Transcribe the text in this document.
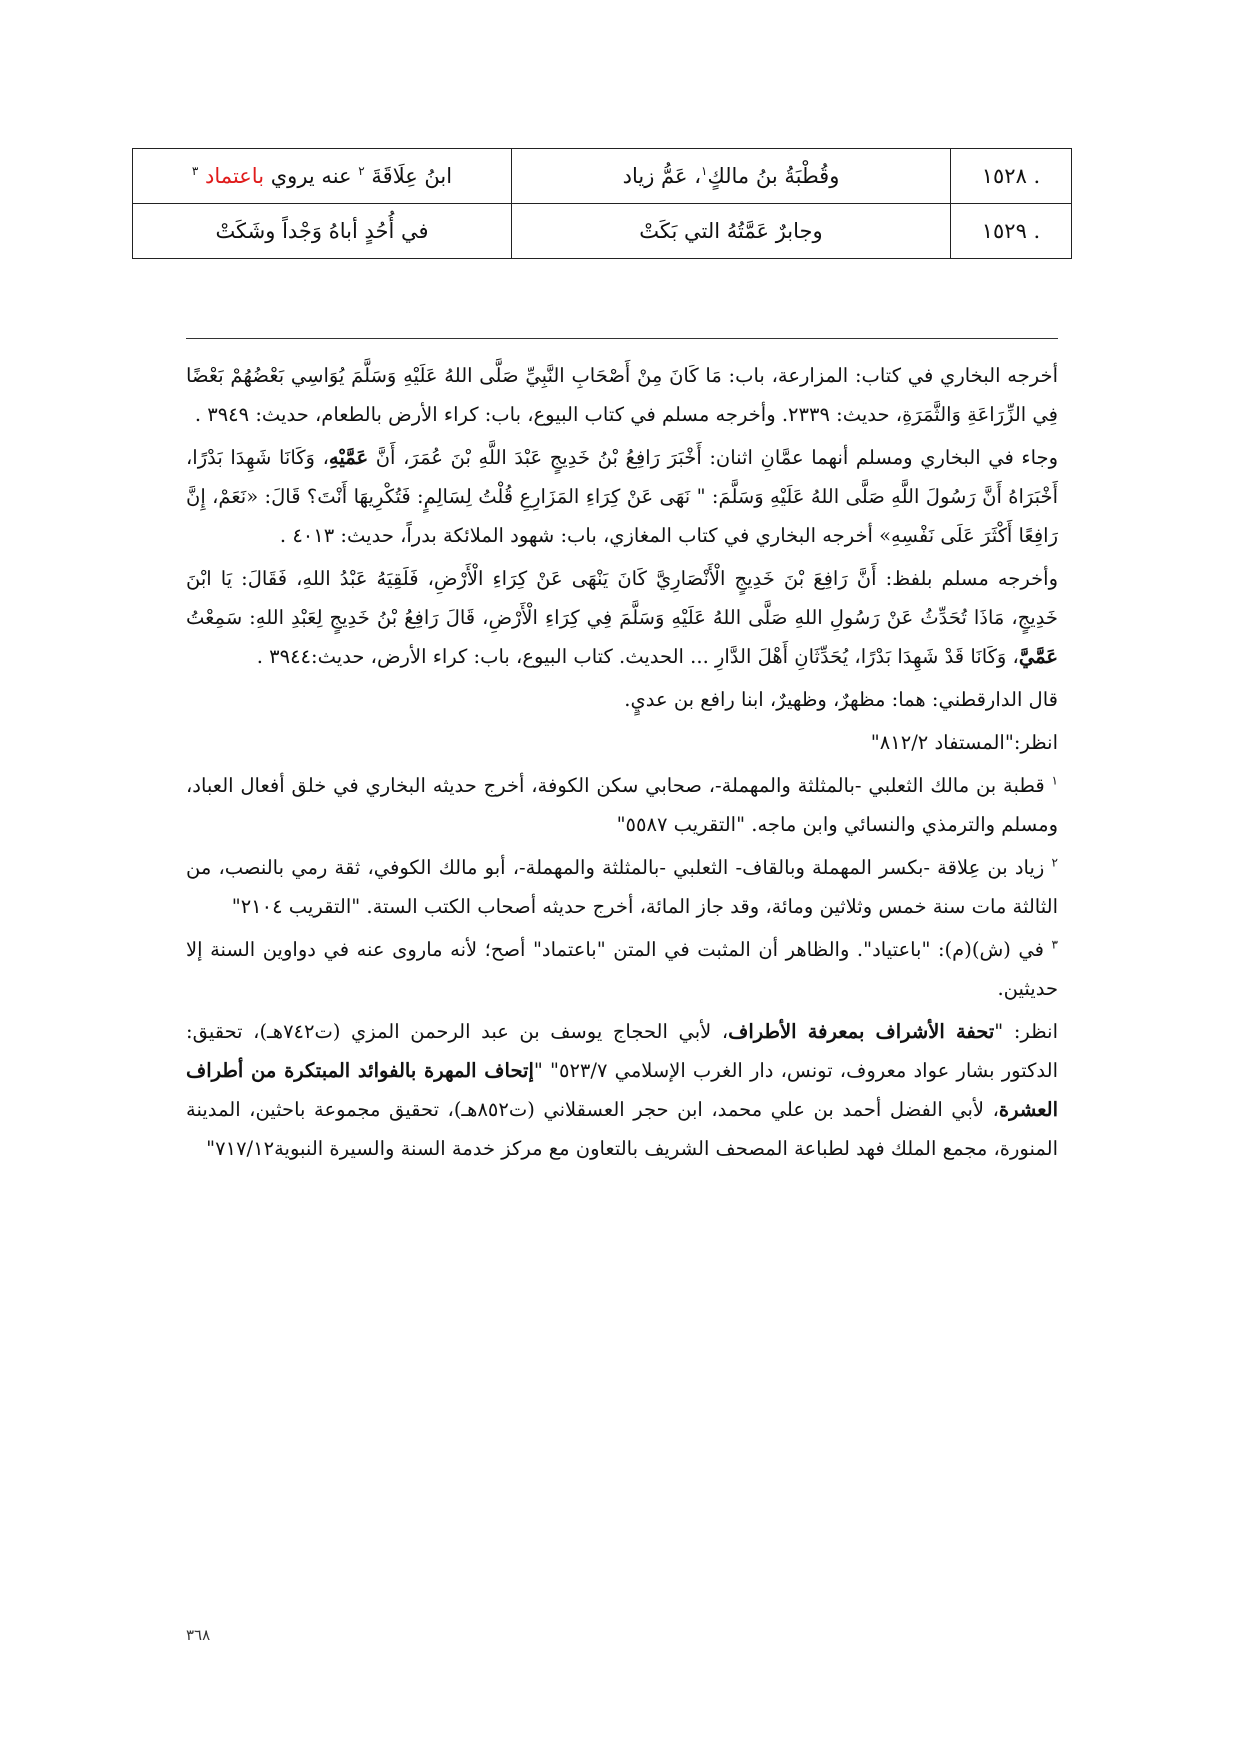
١٥٢٨ .	وقُطْبَةُ بنُ مالكٍ$^١$، عَمُّ زياد	ابنُ عِلَاقَةَ $^٢$ عنه يروي باعتماد $^٣$
١٥٢٩ .	وجابرٌ عَمَّتُهُ التي بَكَتْ	في أُحُدٍ أباهُ وَجْداً وشَكَتْ

أخرجه البخاري في كتاب: المزارعة، باب: مَا كَانَ مِنْ أَصْحَابِ النَّبِيِّ صَلَّى اللهُ عَلَيْهِ وَسَلَّمَ يُوَاسِي بَعْضُهُمْ بَعْضًا فِي الزِّرَاعَةِ وَالثَّمَرَةِ، حديث: ٢٣٣٩. وأخرجه مسلم في كتاب البيوع، باب: كراء الأرض بالطعام، حديث: ٣٩٤٩ .

وجاء في البخاري ومسلم أنهما عمَّانِ اثنان: أَخْبَرَ رَافِعُ بْنُ خَدِيجٍ عَبْدَ اللَّهِ بْنَ عُمَرَ، أَنَّ عَمَّيْهِ، وَكَانَا شَهِدَا بَدْرًا، أَخْبَرَاهُ أَنَّ رَسُولَ اللَّهِ صَلَّى اللهُ عَلَيْهِ وَسَلَّمَ: " نَهَى عَنْ كِرَاءِ المَزَارِعِ قُلْتُ لِسَالِمٍ: فَتُكْرِيهَا أَنْتَ؟ قَالَ: «نَعَمْ، إِنَّ رَافِعًا أَكْثَرَ عَلَى نَفْسِهِ» أخرجه البخاري في كتاب المغازي، باب: شهود الملائكة بدراً، حديث: ٤٠١٣ .

وأخرجه مسلم بلفظ: أَنَّ رَافِعَ بْنَ خَدِيجٍ الْأَنْصَارِيَّ كَانَ يَنْهَى عَنْ كِرَاءِ الْأَرْضِ، فَلَقِيَهُ عَبْدُ اللهِ، فَقَالَ: يَا ابْنَ خَدِيجٍ، مَاذَا تُحَدِّثُ عَنْ رَسُولِ اللهِ صَلَّى اللهُ عَلَيْهِ وَسَلَّمَ فِي كِرَاءِ الْأَرْضِ، قَالَ رَافِعُ بْنُ خَدِيجٍ لِعَبْدِ اللهِ: سَمِعْتُ عَمَّيَّ، وَكَانَا قَدْ شَهِدَا بَدْرًا، يُحَدِّثَانِ أَهْلَ الدَّارِ ... الحديث. كتاب البيوع، باب: كراء الأرض، حديث:٣٩٤٤ .

قال الدارقطني: هما: مظهرٌ، وظهيرٌ، ابنا رافع بن عديٍ.

انظر:"المستفاد ٨١٢/٢"

$^١$ قطبة بن مالك الثعلبي -بالمثلثة والمهملة-، صحابي سكن الكوفة، أخرج حديثه البخاري في خلق أفعال العباد، ومسلم والترمذي والنسائي وابن ماجه. "التقريب ٥٥٨٧"

$^٢$ زياد بن عِلاقة -بكسر المهملة وبالقاف- الثعلبي -بالمثلثة والمهملة-، أبو مالك الكوفي، ثقة رمي بالنصب، من الثالثة مات سنة خمس وثلاثين ومائة، وقد جاز المائة، أخرج حديثه أصحاب الكتب الستة. "التقريب ٢١٠٤"

$^٣$ في (ش)(م): "باعتياد". والظاهر أن المثبت في المتن "باعتماد" أصح؛ لأنه ماروى عنه في دواوين السنة إلا حديثين.

انظر: "تحفة الأشراف بمعرفة الأطراف، لأبي الحجاج يوسف بن عبد الرحمن المزي (ت٧٤٢هـ)، تحقيق: الدكتور بشار عواد معروف، تونس، دار الغرب الإسلامي ٥٢٣/٧" "إتحاف المهرة بالفوائد المبتكرة من أطراف العشرة، لأبي الفضل أحمد بن علي محمد، ابن حجر العسقلاني (ت٨٥٢هـ)، تحقيق مجموعة باحثين، المدينة المنورة، مجمع الملك فهد لطباعة المصحف الشريف بالتعاون مع مركز خدمة السنة والسيرة النبوية٧١٧/١٢"

٣٦٨
